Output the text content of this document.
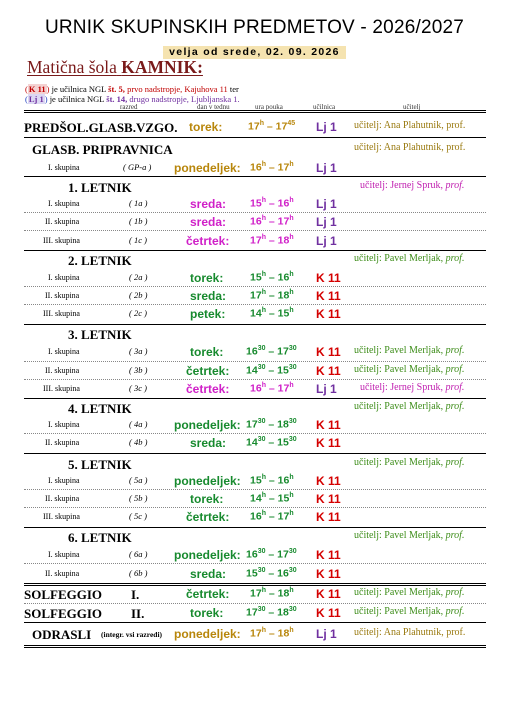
URNIK SKUPINSKIH PREDMETOV - 2026/2027
velja od srede, 02. 09. 2026
Matična šola KAMNIK:
(K 11) je učilnica NGL št. 5, prvo nadstropje, Kajuhova 11 ter
(Lj 1) je učilnica NGL št. 14, drugo nadstropje, Ljubljanska 1.
razred	dan v tednu	ura pouka	učilnica	učitelj
PREDŠOL.GLASB.VZGO. torek: $17^h - 17^{45}$ Lj 1 učitelj: Ana Plahutnik, prof.
GLASB. PRIPRAVNICA	učitelj: Ana Plahutnik, prof.
I. skupina	( GP-a ) ponedeljek: 16$^h$ – 17$^h$ Lj 1
1. LETNIK	učitelj: Jernej Spruk, prof.
I. skupina	( 1a )	sreda: 15$^h$ – 16$^h$ Lj 1
II. skupina	( 1b )	sreda: 16$^h$ – 17$^h$ Lj 1
III. skupina	( 1c )	četrtek: 17$^h$ – 18$^h$ Lj 1
2. LETNIK	učitelj: Pavel Merljak, prof.
I. skupina	( 2a )	torek:	15$^h$ – 16$^h$ K 11
II. skupina	( 2b )	sreda: 17$^h$ – 18$^h$ K 11
III. skupina	( 2c )	petek: 14$^h$ – 15$^h$ K 11
3. LETNIK
I. skupina	( 3a )	torek: $16^{30} - 17^{30}$ K 11 učitelj: Pavel Merljak, prof.
II. skupina	( 3b )	četrtek: $14^{30} - 15^{30}$ K 11 učitelj: Pavel Merljak, prof.
III. skupina	( 3c )	četrtek: 16$^h$ – 17$^h$ Lj 1 učitelj: Jernej Spruk, prof.
4. LETNIK	učitelj: Pavel Merljak, prof.
I. skupina	( 4a ) ponedeljek: $17^{30} - 18^{30}$ K 11
II. skupina	( 4b )	sreda: $14^{30} - 15^{30}$ K 11
5. LETNIK	učitelj: Pavel Merljak, prof.
I. skupina	( 5a ) ponedeljek: 15$^h$ – 16$^h$ K 11
II. skupina	( 5b )	torek:	14$^h$ – 15$^h$ K 11
III. skupina	( 5c )	četrtek: 16$^h$ – 17$^h$ K 11
6. LETNIK	učitelj: Pavel Merljak, prof.
I. skupina	( 6a ) ponedeljek: $16^{30} - 17^{30}$ K 11
II. skupina	( 6b )	sreda: $15^{30} - 16^{30}$ K 11
SOLFEGGIO I.	četrtek: 17$^h$ – 18$^h$ K 11 učitelj: Pavel Merljak, prof.
SOLFEGGIO II.	torek: $17^{30} - 18^{30}$ K 11 učitelj: Pavel Merljak, prof.
ODRASLI (integr. vsi razredi) ponedeljek: 17$^h$ – 18$^h$ Lj 1 učitelj: Ana Plahutnik, prof.
